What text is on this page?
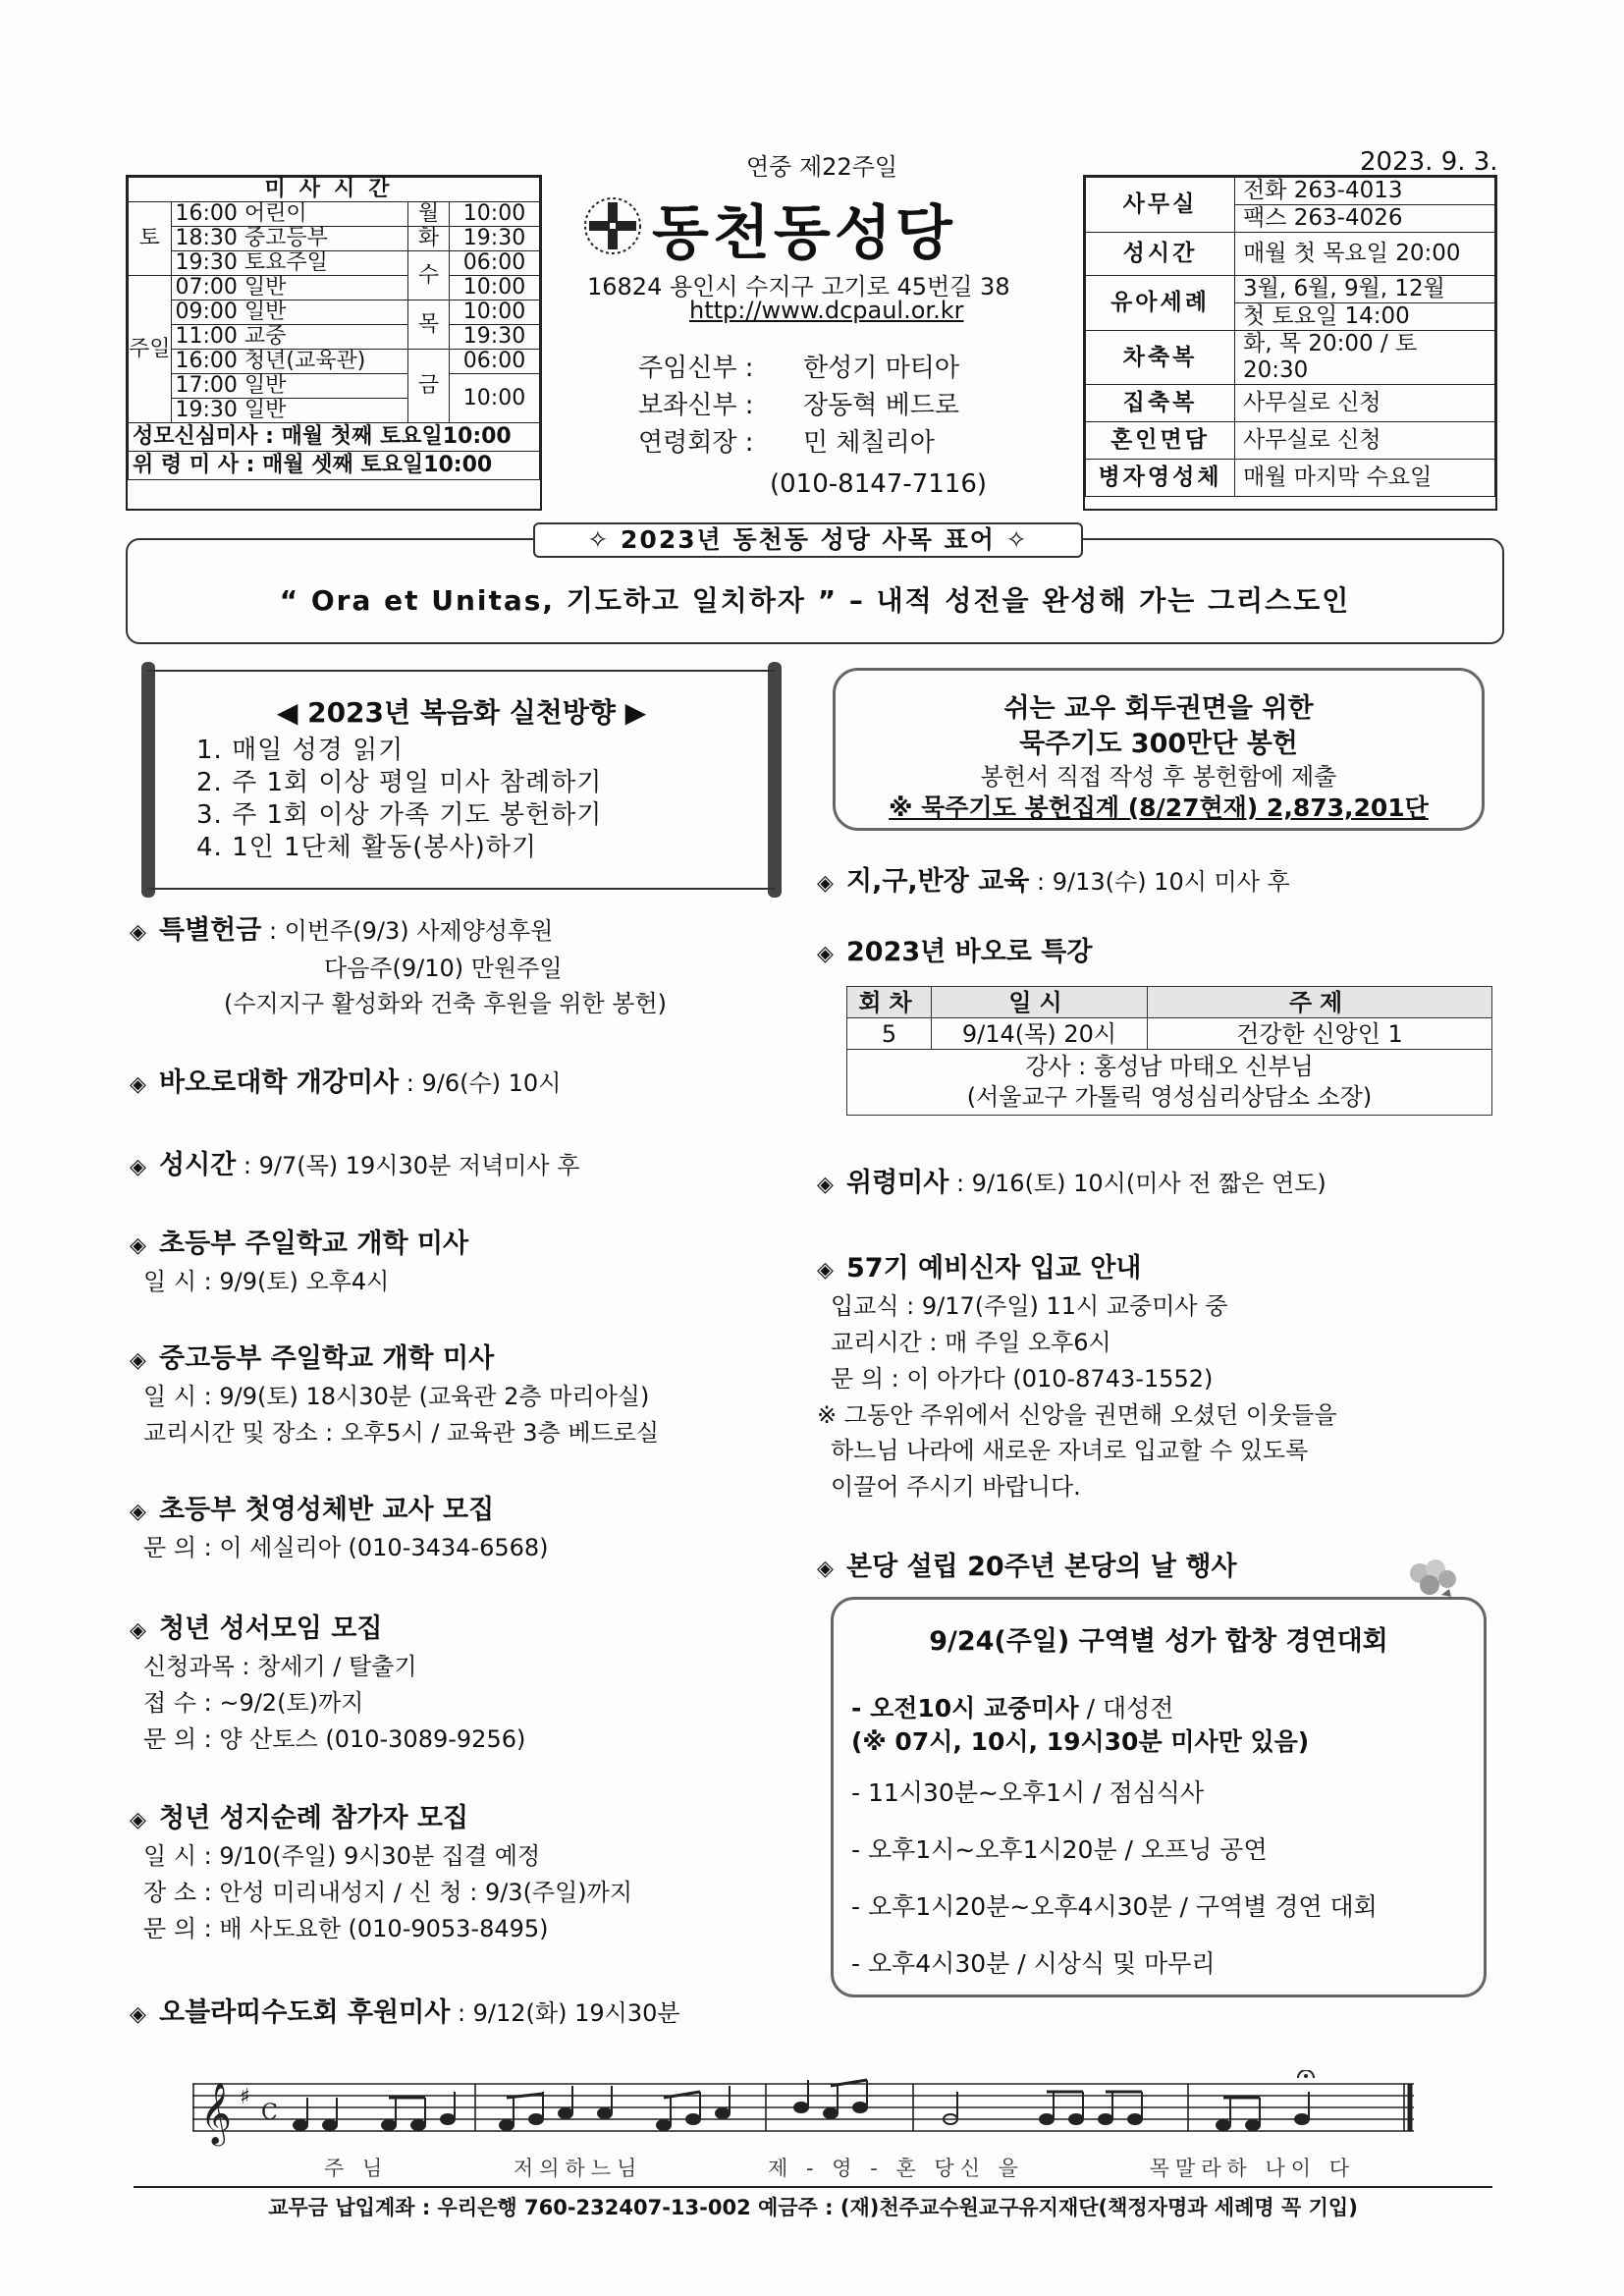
연중 제22주일	2023. 9. 3.
미사시간			
토	16:00 어린이	월	10:00
	18:30 중고등부	화	19:30
	19:30 토요주일	수	06:00
주일	07:00 일반		10:00
	09:00 일반	목	10:00
	11:00 교중		19:30
	16:00 청년(교육관)	금	06:00
	17:00 일반		10:00
	19:30 일반		
성모신심미사 : 매월 첫째 토요일10:00			
위 령 미 사 : 매월 셋째 토요일10:00			
동천동성당
16824 용인시 수지구 고기로 45번길 38
http://www.dcpaul.or.kr
주임신부 :	한성기 마티아
보좌신부 :	장동혁 베드로
연령회장 :	민 체칠리아
(010-8147-7116)
사무실	전화 263-4013
	팩스 263-4026
성시간	매월 첫 목요일 20:00
유아세례	3월, 6월, 9월, 12월
	첫 토요일 14:00
차축복	화, 목 20:00 / 토 20:30
집축복	사무실로 신청
혼인면담	사무실로 신청
병자영성체	매월 마지막 수요일
✧ 2023년 동천동 성당 사목 표어 ✧
“ Ora et Unitas, 기도하고 일치하자 ” – 내적 성전을 완성해 가는 그리스도인
◀ 2023년 복음화 실천방향 ▶
1. 매일 성경 읽기
2. 주 1회 이상 평일 미사 참례하기
3. 주 1회 이상 가족 기도 봉헌하기
4. 1인 1단체 활동(봉사)하기
쉬는 교우 회두권면을 위한
묵주기도 300만단 봉헌
봉헌서 직접 작성 후 봉헌함에 제출
※ 묵주기도 봉헌집계 (8/27현재) 2,873,201단
◈ 특별헌금 : 이번주(9/3) 사제양성후원
다음주(9/10) 만원주일
(수지지구 활성화와 건축 후원을 위한 봉헌)
◈ 바오로대학 개강미사 : 9/6(수) 10시
◈ 성시간 : 9/7(목) 19시30분 저녁미사 후
◈ 초등부 주일학교 개학 미사
일 시 : 9/9(토) 오후4시
◈ 중고등부 주일학교 개학 미사
일 시 : 9/9(토) 18시30분 (교육관 2층 마리아실)
교리시간 및 장소 : 오후5시 / 교육관 3층 베드로실
◈ 초등부 첫영성체반 교사 모집
문 의 : 이 세실리아 (010-3434-6568)
◈ 청년 성서모임 모집
신청과목 : 창세기 / 탈출기
접 수 : ~9/2(토)까지
문 의 : 양 산토스 (010-3089-9256)
◈ 청년 성지순례 참가자 모집
일 시 : 9/10(주일) 9시30분 집결 예정
장 소 : 안성 미리내성지 / 신 청 : 9/3(주일)까지
문 의 : 배 사도요한 (010-9053-8495)
◈ 오블라띠수도회 후원미사 : 9/12(화) 19시30분
◈ 지,구,반장 교육 : 9/13(수) 10시 미사 후
◈ 2023년 바오로 특강
회차	일시	주제
5	9/14(목) 20시	건강한 신앙인 1

강사 : 홍성남 마태오 신부님
(서울교구 가톨릭 영성심리상담소 소장)		
◈ 위령미사 : 9/16(토) 10시(미사 전 짧은 연도)
◈ 57기 예비신자 입교 안내
입교식 : 9/17(주일) 11시 교중미사 중
교리시간 : 매 주일 오후6시
문 의 : 이 아가다 (010-8743-1552)
※ 그동안 주위에서 신앙을 권면해 오셨던 이웃들을
하느님 나라에 새로운 자녀로 입교할 수 있도록
이끌어 주시기 바랍니다.
◈ 본당 설립 20주년 본당의 날 행사
9/24(주일) 구역별 성가 합창 경연대회
- 오전10시 교중미사 / 대성전
(※ 07시, 10시, 19시30분 미사만 있음)
- 11시30분~오후1시 / 점심식사
- 오후1시~오후1시20분 / 오프닝 공연
- 오후1시20분~오후4시30분 / 구역별 경연 대회
- 오후4시30분 / 시상식 및 마무리
𝄞 ♯
C
주 님	저의하느님	제 - 영 - 혼 당신 을	목말라하 나이 다
교무금 납입계좌 : 우리은행 760-232407-13-002 예금주 : (재)천주교수원교구유지재단(책정자명과 세례명 꼭 기입)
